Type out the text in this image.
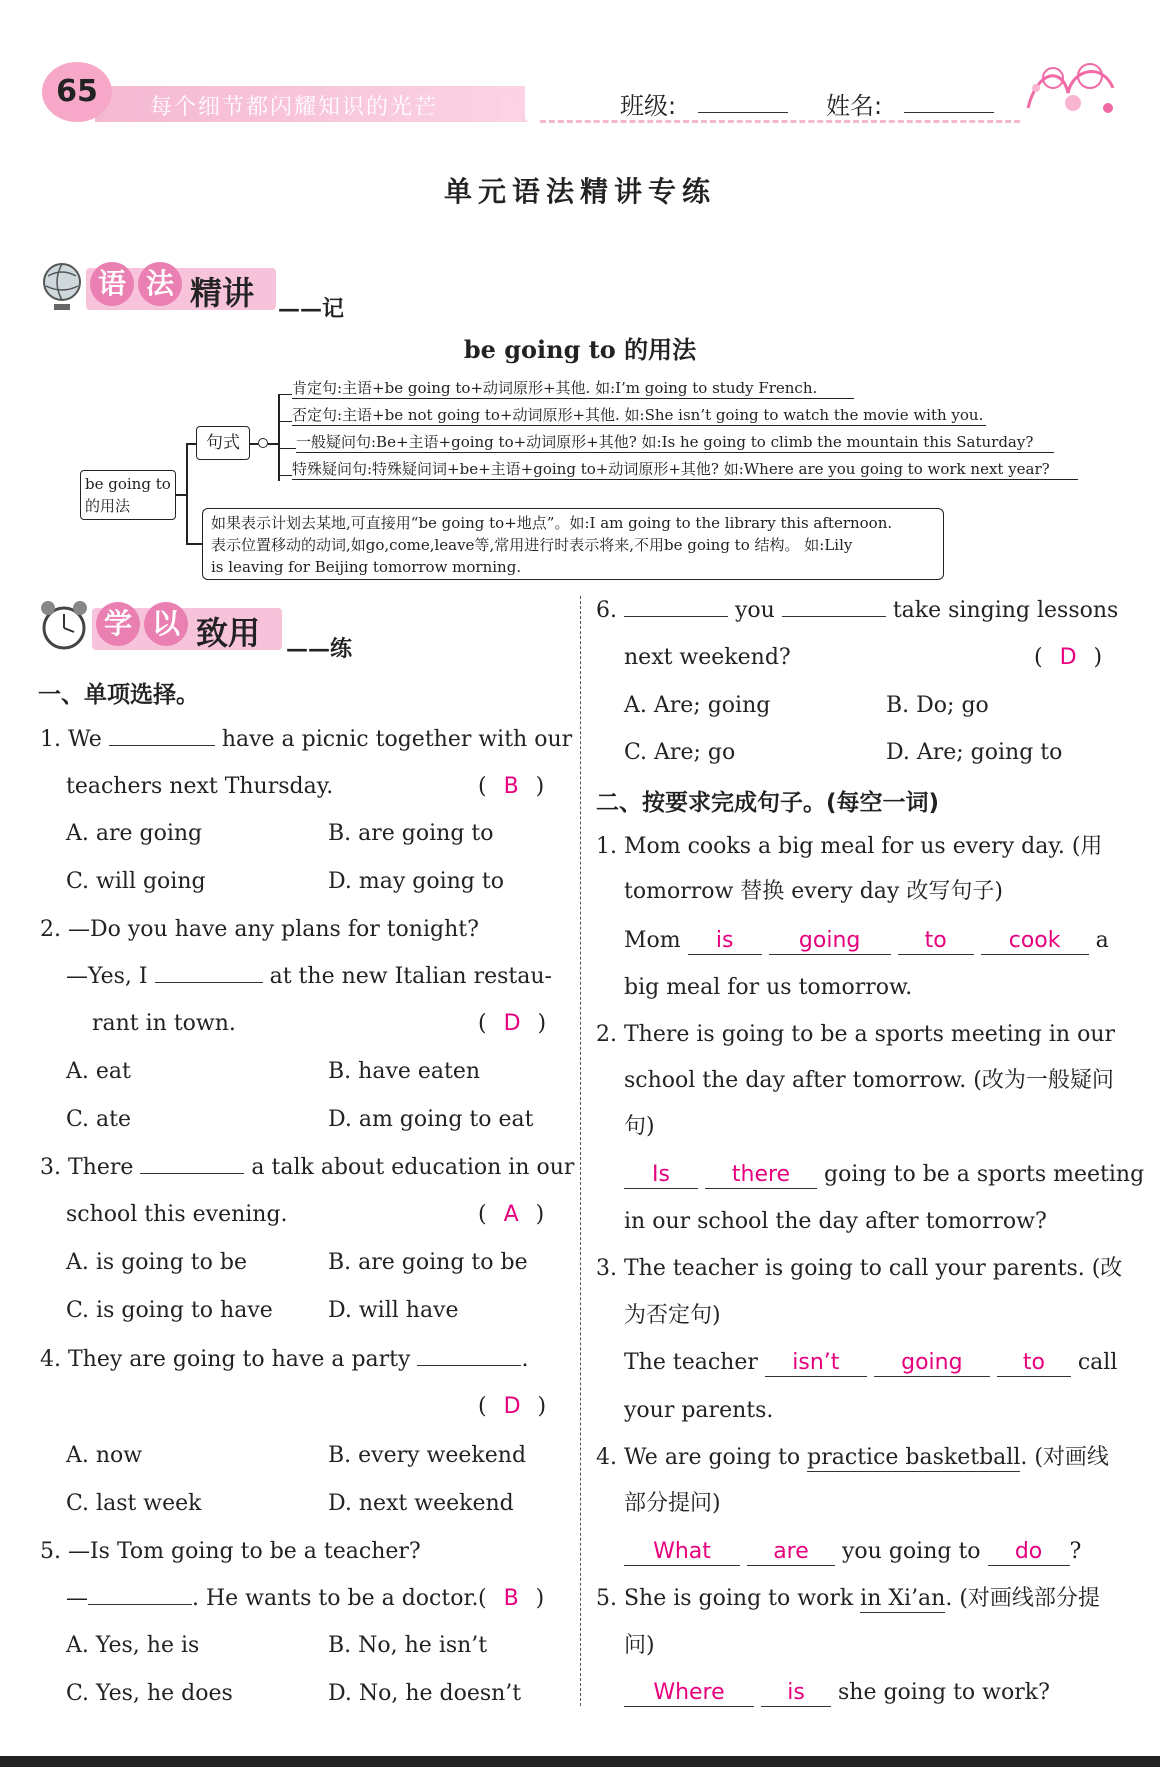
65	每个细节都闪耀知识的光芒	班级:	姓名:
单元语法精讲专练
语 法 精讲 ——记
be going to 的用法
be going to
的用法
句式
肯定句:主语+be going to+动词原形+其他. 如:I’m going to study French.
否定句:主语+be not going to+动词原形+其他. 如:She isn’t going to watch the movie with you.
一般疑问句:Be+主语+going to+动词原形+其他? 如:Is he going to climb the mountain this Saturday?
特殊疑问句:特殊疑问词+be+主语+going to+动词原形+其他? 如:Where are you going to work next year?
如果表示计划去某地,可直接用“be going to+地点”。如:I am going to the library this afternoon.
表示位置移动的动词,如go,come,leave等,常用进行时表示将来,不用be going to 结构。 如:Lily
is leaving for Beijing tomorrow morning.
学 以 致用 ——练
一、单项选择。
1. We	have a picnic together with our
teachers next Thursday.	( B )
A. are going	B. are going to
C. will going	D. may going to
2. —Do you have any plans for tonight?
—Yes, I	at the new Italian restau-
rant in town.	( D )
A. eat	B. have eaten
C. ate	D. am going to eat
3. There	a talk about education in our
school this evening.	( A )
A. is going to be	B. are going to be
C. is going to have	D. will have
4. They are going to have a party	.
( D )
A. now	B. every weekend
C. last week	D. next weekend
5. —Is Tom going to be a teacher?
—	. He wants to be a doctor. ( B )
A. Yes, he is	B. No, he isn’t
C. Yes, he does	D. No, he doesn’t
6.	you	take singing lessons
next weekend?	( D )
A. Are; going	B. Do; go
C. Are; go	D. Are; going to
二、按要求完成句子。(每空一词)
1. Mom cooks a big meal for us every day. (用
tomorrow 替换 every day 改写句子)
Mom is	going	to	cook a
big meal for us tomorrow.
2. There is going to be a sports meeting in our
school the day after tomorrow. (改为一般疑问
句)
Is	there going to be a sports meeting
in our school the day after tomorrow?
3. The teacher is going to call your parents. (改
为否定句)
The teacher isn’t	going	to call
your parents.
4. We are going to practice basketball. (对画线
部分提问)
What	are you going to do ?
5. She is going to work in Xi’an. (对画线部分提
问)
Where	is she going to work?
